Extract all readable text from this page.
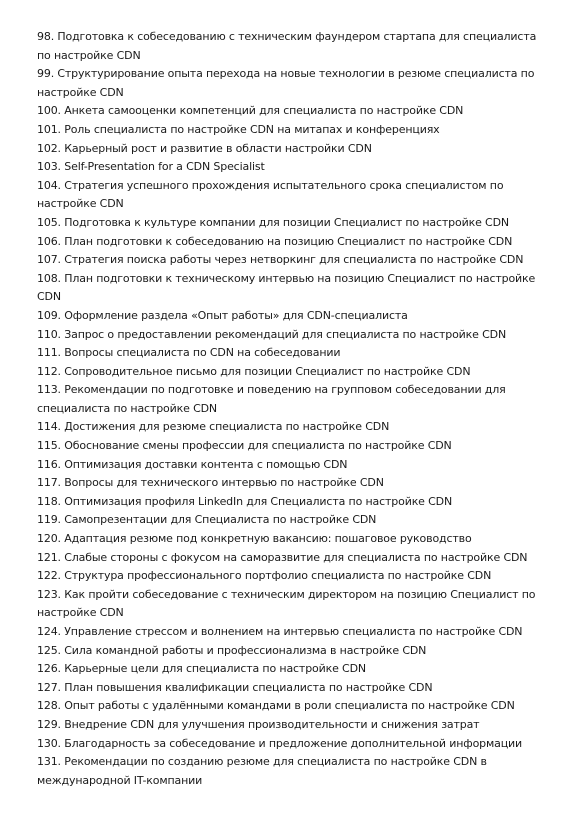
98. Подготовка к собеседованию с техническим фаундером стартапа для специалиста по настройке CDN
99. Структурирование опыта перехода на новые технологии в резюме специалиста по настройке CDN
100. Анкета самооценки компетенций для специалиста по настройке CDN
101. Роль специалиста по настройке CDN на митапах и конференциях
102. Карьерный рост и развитие в области настройки CDN
103. Self-Presentation for a CDN Specialist
104. Стратегия успешного прохождения испытательного срока специалистом по настройке CDN
105. Подготовка к культуре компании для позиции Специалист по настройке CDN
106. План подготовки к собеседованию на позицию Специалист по настройке CDN
107. Стратегия поиска работы через нетворкинг для специалиста по настройке CDN
108. План подготовки к техническому интервью на позицию Специалист по настройке CDN
109. Оформление раздела «Опыт работы» для CDN-специалиста
110. Запрос о предоставлении рекомендаций для специалиста по настройке CDN
111. Вопросы специалиста по CDN на собеседовании
112. Сопроводительное письмо для позиции Специалист по настройке CDN
113. Рекомендации по подготовке и поведению на групповом собеседовании для специалиста по настройке CDN
114. Достижения для резюме специалиста по настройке CDN
115. Обоснование смены профессии для специалиста по настройке CDN
116. Оптимизация доставки контента с помощью CDN
117. Вопросы для технического интервью по настройке CDN
118. Оптимизация профиля LinkedIn для Специалиста по настройке CDN
119. Самопрезентации для Специалиста по настройке CDN
120. Адаптация резюме под конкретную вакансию: пошаговое руководство
121. Слабые стороны с фокусом на саморазвитие для специалиста по настройке CDN
122. Структура профессионального портфолио специалиста по настройке CDN
123. Как пройти собеседование с техническим директором на позицию Специалист по настройке CDN
124. Управление стрессом и волнением на интервью специалиста по настройке CDN
125. Сила командной работы и профессионализма в настройке CDN
126. Карьерные цели для специалиста по настройке CDN
127. План повышения квалификации специалиста по настройке CDN
128. Опыт работы с удалёнными командами в роли специалиста по настройке CDN
129. Внедрение CDN для улучшения производительности и снижения затрат
130. Благодарность за собеседование и предложение дополнительной информации
131. Рекомендации по созданию резюме для специалиста по настройке CDN в международной IT-компании
